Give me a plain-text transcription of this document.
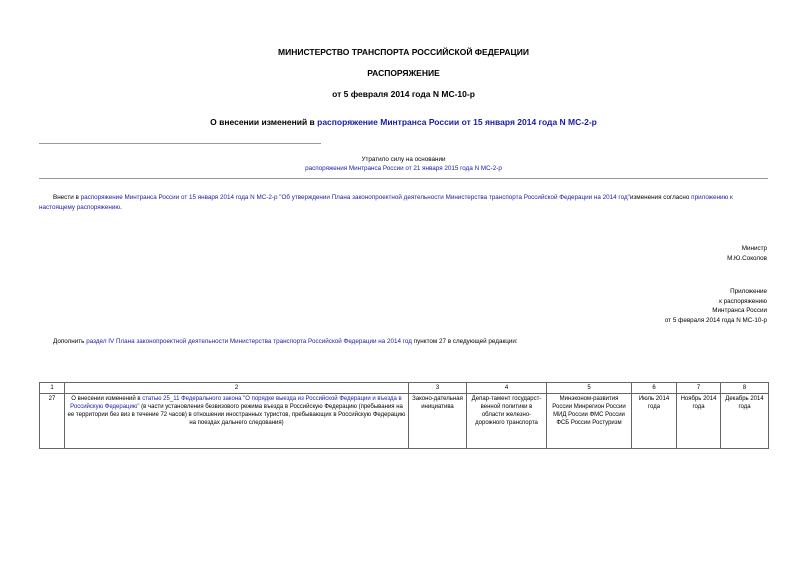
МИНИСТЕРСТВО ТРАНСПОРТА РОССИЙСКОЙ ФЕДЕРАЦИИ
РАСПОРЯЖЕНИЕ
от 5 февраля 2014 года N МС-10-р
О внесении изменений в распоряжение Минтранса России от 15 января 2014 года N МС-2-р
Утратило силу на основании
распоряжения Минтранса России от 21 января 2015 года N МС-2-р
Внести в распоряжение Минтранса России от 15 января 2014 года N МС-2-р "Об утверждении Плана законопроектной деятельности Министерства транспорта Российской Федерации на 2014 год"изменения согласно приложению к настоящему распоряжению.
Министр
М.Ю.Соколов
Приложение
к распоряжению
Минтранса России
от 5 февраля 2014 года N МС-10-р
Дополнить раздел IV Плана законопроектной деятельности Министерства транспорта Российской Федерации на 2014 год пунктом 27 в следующей редакции:
1	2	3	4	5	6	7	8
27	О внесении изменений в статью 25_11 Федерального закона "О порядке выезда из Российской Федерации и въезда в Российскую Федерацию" (в части установления безвизового режима въезда в Российскую Федерацию (пребывания на ее территории без виз в течение 72 часов) в отношении иностранных туристов, пребывающих в Российскую Федерацию на поездах дальнего следования)	Законо-дательная инициатива	Депар-тамент государст-венной политики в области железно-дорожного транспорта	Минэконом-развития России Минрегион России МИД России ФМС России ФСБ России Ростуризм	Июль 2014 года	Ноябрь 2014 года	Декабрь 2014 года
